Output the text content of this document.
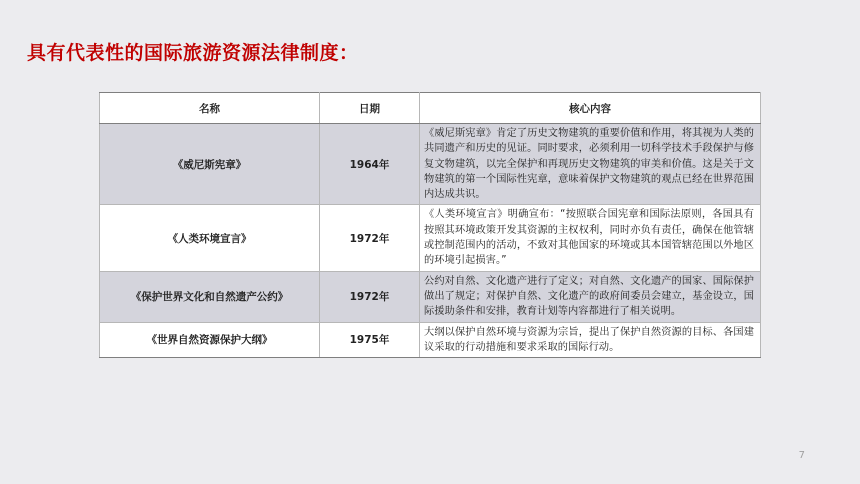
具有代表性的国际旅游资源法律制度：
名称	日期	核心内容
《威尼斯宪章》	1964年	《威尼斯宪章》肯定了历史文物建筑的重要价值和作用，将其视为人类的共同遗产和历史的见证。同时要求，必须利用一切科学技术手段保护与修复文物建筑，以完全保护和再现历史文物建筑的审美和价值。这是关于文物建筑的第一个国际性宪章，意味着保护文物建筑的观点已经在世界范围内达成共识。
《人类环境宣言》	1972年	《人类环境宣言》明确宣布：“按照联合国宪章和国际法原则，各国具有按照其环境政策开发其资源的主权权利，同时亦负有责任，确保在他管辖或控制范围内的活动，不致对其他国家的环境或其本国管辖范围以外地区的环境引起损害。”
《保护世界文化和自然遗产公约》	1972年	公约对自然、文化遗产进行了定义；对自然、文化遗产的国家、国际保护做出了规定；对保护自然、文化遗产的政府间委员会建立，基金设立，国际援助条件和安排，教育计划等内容都进行了相关说明。
《世界自然资源保护大纲》	1975年	大纲以保护自然环境与资源为宗旨，提出了保护自然资源的目标、各国建议采取的行动措施和要求采取的国际行动。
7
